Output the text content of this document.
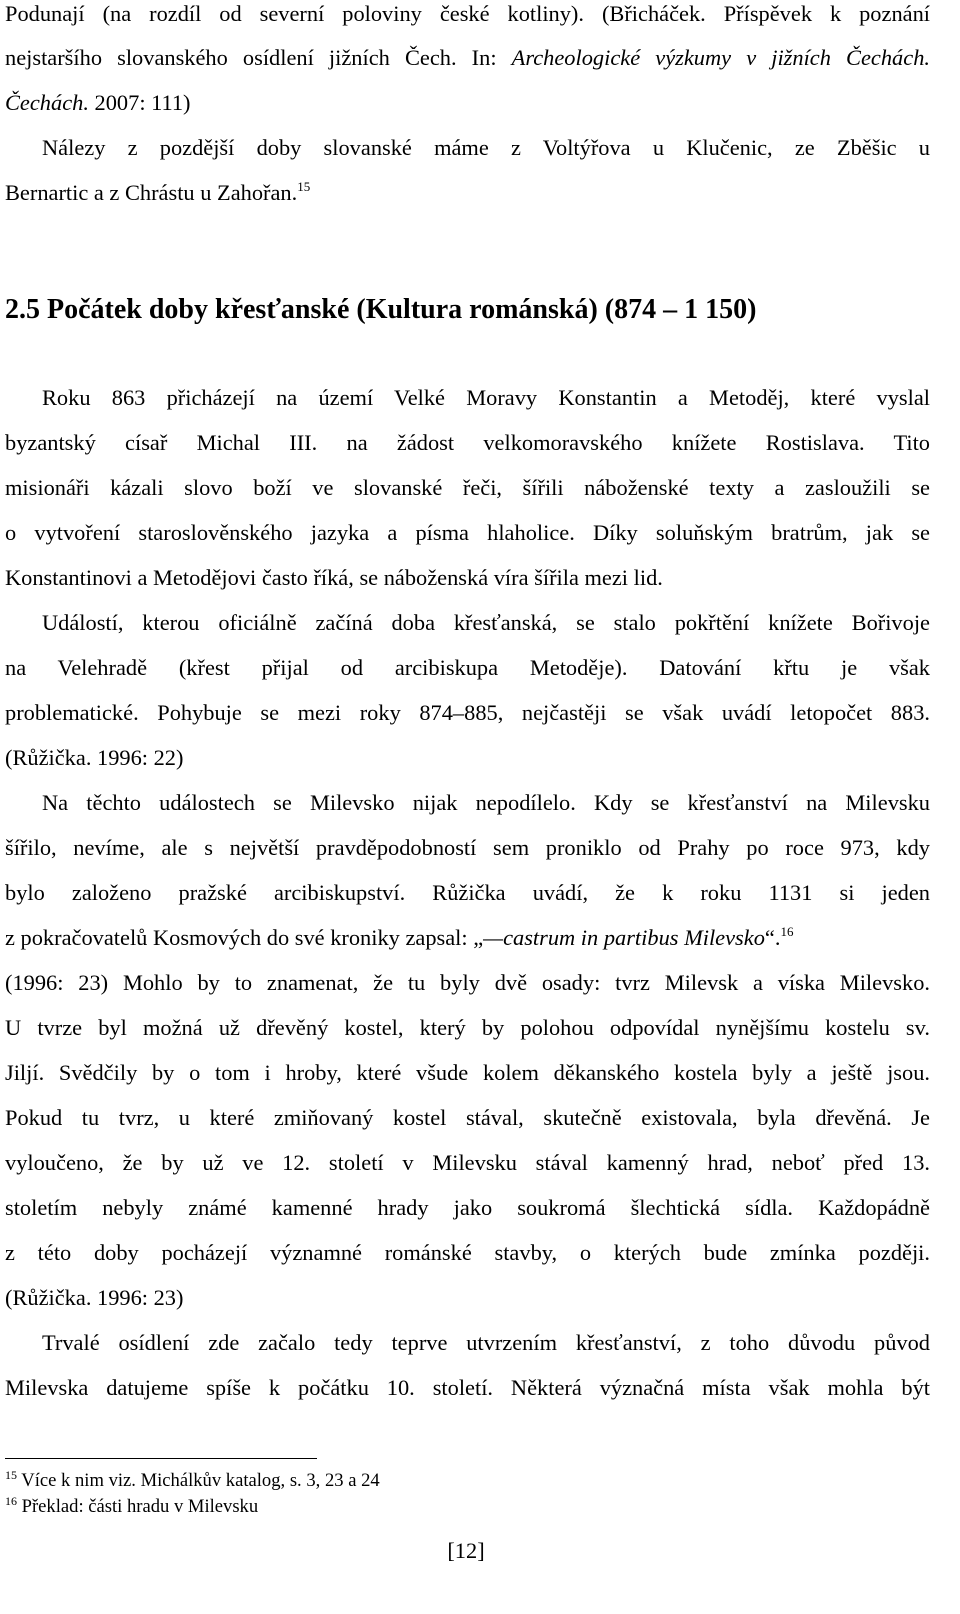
Podunají (na rozdíl od severní poloviny české kotliny). (Břicháček. Příspěvek k poznání
nejstaršího slovanského osídlení jižních Čech. In: Archeologické výzkumy v jižních Čechách.
Čechách. 2007: 111)
Nálezy z pozdější doby slovanské máme z Voltýřova u Klučenic, ze Zběšic u
Bernartic a z Chrástu u Zahořan.$^{15}$
2.5 Počátek doby křesťanské (Kultura románská) (874 – 1 150)
Roku 863 přicházejí na území Velké Moravy Konstantin a Metoděj, které vyslal
byzantský císař Michal III. na žádost velkomoravského knížete Rostislava. Tito
misionáři kázali slovo boží ve slovanské řeči, šířili náboženské texty a zasloužili se
o vytvoření staroslověnského jazyka a písma hlaholice. Díky soluňským bratrům, jak se
Konstantinovi a Metodějovi často říká, se náboženská víra šířila mezi lid.
Událostí, kterou oficiálně začíná doba křesťanská, se stalo pokřtění knížete Bořivoje
na Velehradě (křest přijal od arcibiskupa Metoděje). Datování křtu je však
problematické. Pohybuje se mezi roky 874–885, nejčastěji se však uvádí letopočet 883.
(Růžička. 1996: 22)
Na těchto událostech se Milevsko nijak nepodílelo. Kdy se křesťanství na Milevsku
šířilo, nevíme, ale s největší pravděpodobností sem proniklo od Prahy po roce 973, kdy
bylo založeno pražské arcibiskupství. Růžička uvádí, že k roku 1131 si jeden
z pokračovatelů Kosmových do své kroniky zapsal: „—castrum in partibus Milevsko“.$^{16}$
(1996: 23) Mohlo by to znamenat, že tu byly dvě osady: tvrz Milevsk a víska Milevsko.
U tvrze byl možná už dřevěný kostel, který by polohou odpovídal nynějšímu kostelu sv.
Jiljí. Svědčily by o tom i hroby, které všude kolem děkanského kostela byly a ještě jsou.
Pokud tu tvrz, u které zmiňovaný kostel stával, skutečně existovala, byla dřevěná. Je
vyloučeno, že by už ve 12. století v Milevsku stával kamenný hrad, neboť před 13.
stoletím nebyly známé kamenné hrady jako soukromá šlechtická sídla. Každopádně
z této doby pocházejí významné románské stavby, o kterých bude zmínka později.
(Růžička. 1996: 23)
Trvalé osídlení zde začalo tedy teprve utvrzením křesťanství, z toho důvodu původ
Milevska datujeme spíše k počátku 10. století. Některá význačná místa však mohla být
$^{15}$ Více k nim viz. Michálkův katalog, s. 3, 23 a 24
$^{16}$ Překlad: části hradu v Milevsku
[12]
